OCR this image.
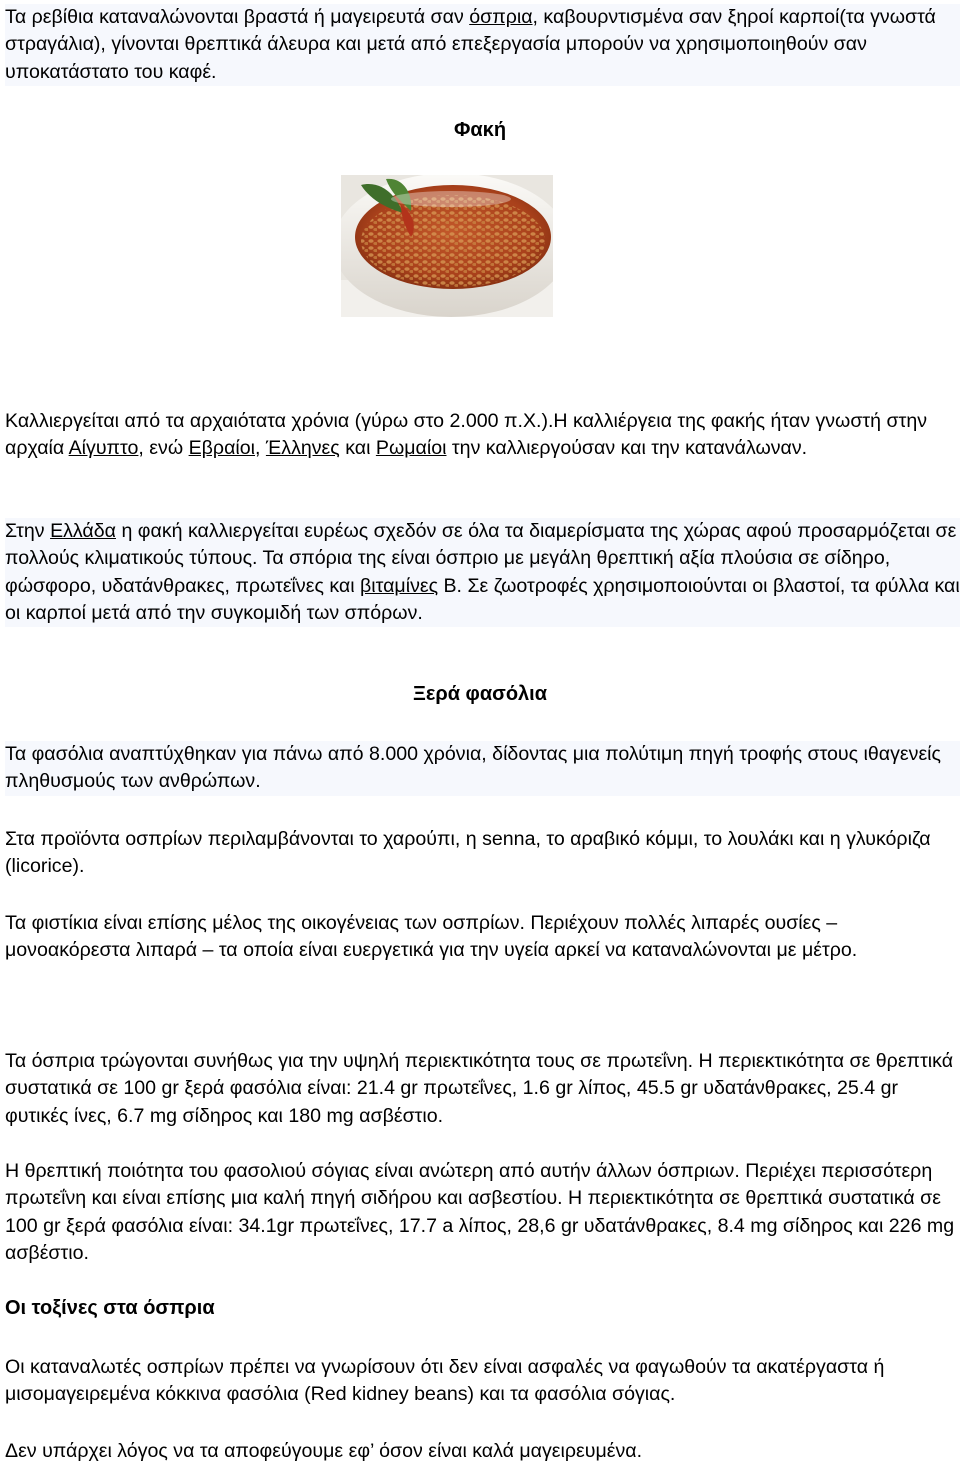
Τα ρεβίθια καταναλώνονται βραστά ή μαγειρευτά σαν όσπρια, καβουρντισμένα σαν ξηροί καρποί(τα γνωστά στραγάλια), γίνονται θρεπτικά άλευρα και μετά από επεξεργασία μπορούν να χρησιμοποιηθούν σαν υποκατάστατο του καφέ.
Φακή
Καλλιεργείται από τα αρχαιότατα χρόνια (γύρω στο 2.000 π.Χ.).Η καλλιέργεια της φακής ήταν γνωστή στην αρχαία Αίγυπτο, ενώ Εβραίοι, Έλληνες και Ρωμαίοι την καλλιεργούσαν και την κατανάλωναν.
Στην Ελλάδα η φακή καλλιεργείται ευρέως σχεδόν σε όλα τα διαμερίσματα της χώρας αφού προσαρμόζεται σε πολλούς κλιματικούς τύπους. Τα σπόρια της είναι όσπριο με μεγάλη θρεπτική αξία πλούσια σε σίδηρο, φώσφορο, υδατάνθρακες, πρωτεΐνες και βιταμίνες Β. Σε ζωοτροφές χρησιμοποιούνται οι βλαστοί, τα φύλλα και οι καρποί μετά από την συγκομιδή των σπόρων.
Ξερά φασόλια
Τα φασόλια αναπτύχθηκαν για πάνω από 8.000 χρόνια, δίδοντας μια πολύτιμη πηγή τροφής στους ιθαγενείς πληθυσμούς των ανθρώπων.
Στα προϊόντα οσπρίων περιλαμβάνονται το χαρούπι, η senna, το αραβικό κόμμι, το λουλάκι και η γλυκόριζα (licorice).
Τα φιστίκια είναι επίσης μέλος της οικογένειας των οσπρίων. Περιέχουν πολλές λιπαρές ουσίες – μονοακόρεστα λιπαρά – τα οποία είναι ευεργετικά για την υγεία αρκεί να καταναλώνονται με μέτρο.
Τα όσπρια τρώγονται συνήθως για την υψηλή περιεκτικότητα τους σε πρωτεΐνη. Η περιεκτικότητα σε θρεπτικά συστατικά σε 100 gr ξερά φασόλια είναι: 21.4 gr πρωτεΐνες, 1.6 gr λίπος, 45.5 gr υδατάνθρακες, 25.4 gr φυτικές ίνες, 6.7 mg σίδηρος και 180 mg ασβέστιο.
Η θρεπτική ποιότητα του φασολιού σόγιας είναι ανώτερη από αυτήν άλλων όσπριων. Περιέχει περισσότερη πρωτεΐνη και είναι επίσης μια καλή πηγή σιδήρου και ασβεστίου. Η περιεκτικότητα σε θρεπτικά συστατικά σε 100 gr ξερά φασόλια είναι: 34.1gr πρωτεΐνες, 17.7 a λίπος, 28,6 gr υδατάνθρακες, 8.4 mg σίδηρος και 226 mg ασβέστιο.
Οι τοξίνες στα όσπρια
Οι καταναλωτές οσπρίων πρέπει να γνωρίσουν ότι δεν είναι ασφαλές να φαγωθούν τα ακατέργαστα ή μισομαγειρεμένα κόκκινα φασόλια (Red kidney beans) και τα φασόλια σόγιας.
Δεν υπάρχει λόγος να τα αποφεύγουμε εφ’ όσον είναι καλά μαγειρευμένα.
